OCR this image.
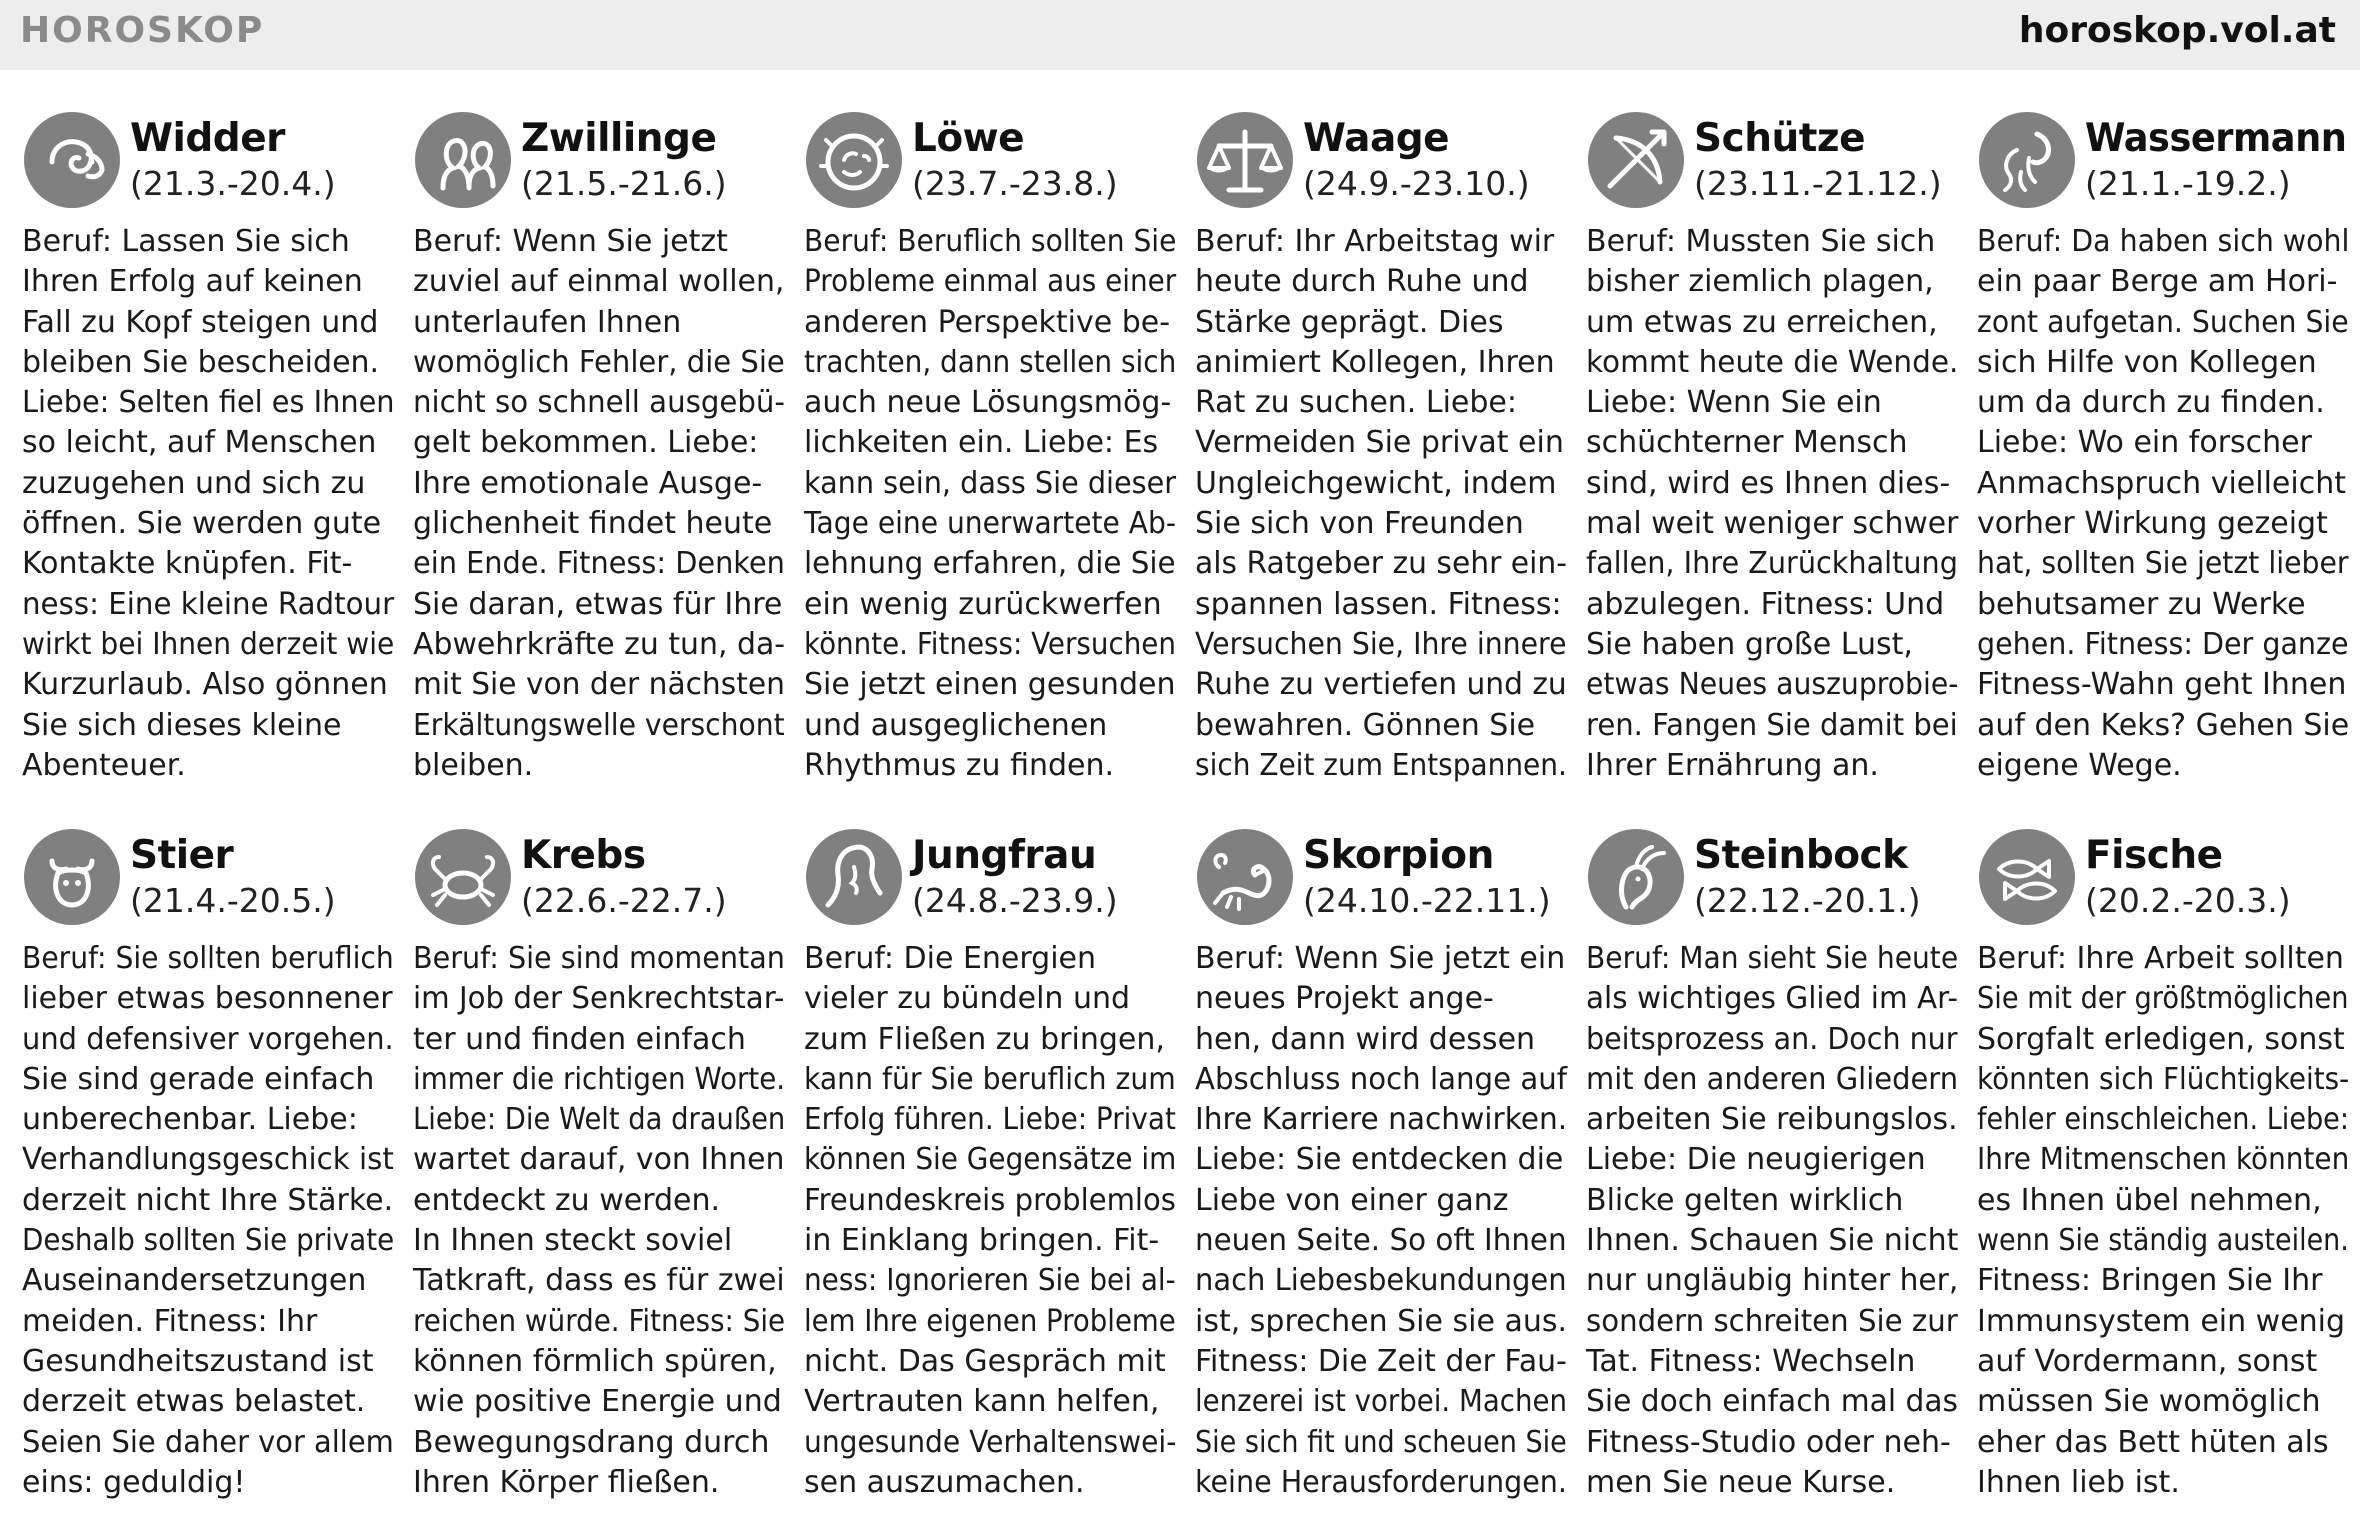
HOROSKOP	horoskop.vol.at
Widder
(21.3.-20.4.)
Beruf: Lassen Sie sich
Ihren Erfolg auf keinen
Fall zu Kopf steigen und
bleiben Sie bescheiden.
Liebe: Selten fiel es Ihnen
so leicht, auf Menschen
zuzugehen und sich zu
öffnen. Sie werden gute
Kontakte knüpfen. Fit-
ness: Eine kleine Radtour
wirkt bei Ihnen derzeit wie
Kurzurlaub. Also gönnen
Sie sich dieses kleine
Abenteuer.
Zwillinge
(21.5.-21.6.)
Beruf: Wenn Sie jetzt
zuviel auf einmal wollen,
unterlaufen Ihnen
womöglich Fehler, die Sie
nicht so schnell ausgebü-
gelt bekommen. Liebe:
Ihre emotionale Ausge-
glichenheit findet heute
ein Ende. Fitness: Denken
Sie daran, etwas für Ihre
Abwehrkräfte zu tun, da-
mit Sie von der nächsten
Erkältungswelle verschont
bleiben.
Löwe
(23.7.-23.8.)
Beruf: Beruflich sollten Sie
Probleme einmal aus einer
anderen Perspektive be-
trachten, dann stellen sich
auch neue Lösungsmög-
lichkeiten ein. Liebe: Es
kann sein, dass Sie dieser
Tage eine unerwartete Ab-
lehnung erfahren, die Sie
ein wenig zurückwerfen
könnte. Fitness: Versuchen
Sie jetzt einen gesunden
und ausgeglichenen
Rhythmus zu finden.
Waage
(24.9.-23.10.)
Beruf: Ihr Arbeitstag wir
heute durch Ruhe und
Stärke geprägt. Dies
animiert Kollegen, Ihren
Rat zu suchen. Liebe:
Vermeiden Sie privat ein
Ungleichgewicht, indem
Sie sich von Freunden
als Ratgeber zu sehr ein-
spannen lassen. Fitness:
Versuchen Sie, Ihre innere
Ruhe zu vertiefen und zu
bewahren. Gönnen Sie
sich Zeit zum Entspannen.
Schütze
(23.11.-21.12.)
Beruf: Mussten Sie sich
bisher ziemlich plagen,
um etwas zu erreichen,
kommt heute die Wende.
Liebe: Wenn Sie ein
schüchterner Mensch
sind, wird es Ihnen dies-
mal weit weniger schwer
fallen, Ihre Zurückhaltung
abzulegen. Fitness: Und
Sie haben große Lust,
etwas Neues auszuprobie-
ren. Fangen Sie damit bei
Ihrer Ernährung an.
Wassermann
(21.1.-19.2.)
Beruf: Da haben sich wohl
ein paar Berge am Hori-
zont aufgetan. Suchen Sie
sich Hilfe von Kollegen
um da durch zu finden.
Liebe: Wo ein forscher
Anmachspruch vielleicht
vorher Wirkung gezeigt
hat, sollten Sie jetzt lieber
behutsamer zu Werke
gehen. Fitness: Der ganze
Fitness-Wahn geht Ihnen
auf den Keks? Gehen Sie
eigene Wege.
Stier
(21.4.-20.5.)
Beruf: Sie sollten beruflich
lieber etwas besonnener
und defensiver vorgehen.
Sie sind gerade einfach
unberechenbar. Liebe:
Verhandlungsgeschick ist
derzeit nicht Ihre Stärke.
Deshalb sollten Sie private
Auseinandersetzungen
meiden. Fitness: Ihr
Gesundheitszustand ist
derzeit etwas belastet.
Seien Sie daher vor allem
eins: geduldig!
Krebs
(22.6.-22.7.)
Beruf: Sie sind momentan
im Job der Senkrechtstar-
ter und finden einfach
immer die richtigen Worte.
Liebe: Die Welt da draußen
wartet darauf, von Ihnen
entdeckt zu werden.
In Ihnen steckt soviel
Tatkraft, dass es für zwei
reichen würde. Fitness: Sie
können förmlich spüren,
wie positive Energie und
Bewegungsdrang durch
Ihren Körper fließen.
Jungfrau
(24.8.-23.9.)
Beruf: Die Energien
vieler zu bündeln und
zum Fließen zu bringen,
kann für Sie beruflich zum
Erfolg führen. Liebe: Privat
können Sie Gegensätze im
Freundeskreis problemlos
in Einklang bringen. Fit-
ness: Ignorieren Sie bei al-
lem Ihre eigenen Probleme
nicht. Das Gespräch mit
Vertrauten kann helfen,
ungesunde Verhaltenswei-
sen auszumachen.
Skorpion
(24.10.-22.11.)
Beruf: Wenn Sie jetzt ein
neues Projekt ange-
hen, dann wird dessen
Abschluss noch lange auf
Ihre Karriere nachwirken.
Liebe: Sie entdecken die
Liebe von einer ganz
neuen Seite. So oft Ihnen
nach Liebesbekundungen
ist, sprechen Sie sie aus.
Fitness: Die Zeit der Fau-
lenzerei ist vorbei. Machen
Sie sich fit und scheuen Sie
keine Herausforderungen.
Steinbock
(22.12.-20.1.)
Beruf: Man sieht Sie heute
als wichtiges Glied im Ar-
beitsprozess an. Doch nur
mit den anderen Gliedern
arbeiten Sie reibungslos.
Liebe: Die neugierigen
Blicke gelten wirklich
Ihnen. Schauen Sie nicht
nur ungläubig hinter her,
sondern schreiten Sie zur
Tat. Fitness: Wechseln
Sie doch einfach mal das
Fitness-Studio oder neh-
men Sie neue Kurse.
Fische
(20.2.-20.3.)
Beruf: Ihre Arbeit sollten
Sie mit der größtmöglichen
Sorgfalt erledigen, sonst
könnten sich Flüchtigkeits-
fehler einschleichen. Liebe:
Ihre Mitmenschen könnten
es Ihnen übel nehmen,
wenn Sie ständig austeilen.
Fitness: Bringen Sie Ihr
Immunsystem ein wenig
auf Vordermann, sonst
müssen Sie womöglich
eher das Bett hüten als
Ihnen lieb ist.
